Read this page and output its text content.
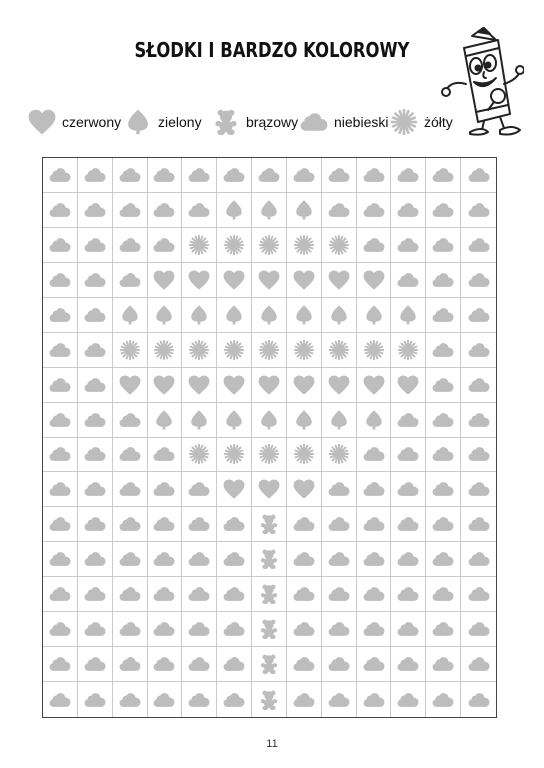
SŁODKI I BARDZO KOLOROWY
czerwony	zielony	brązowy	niebieski	żółty
11
